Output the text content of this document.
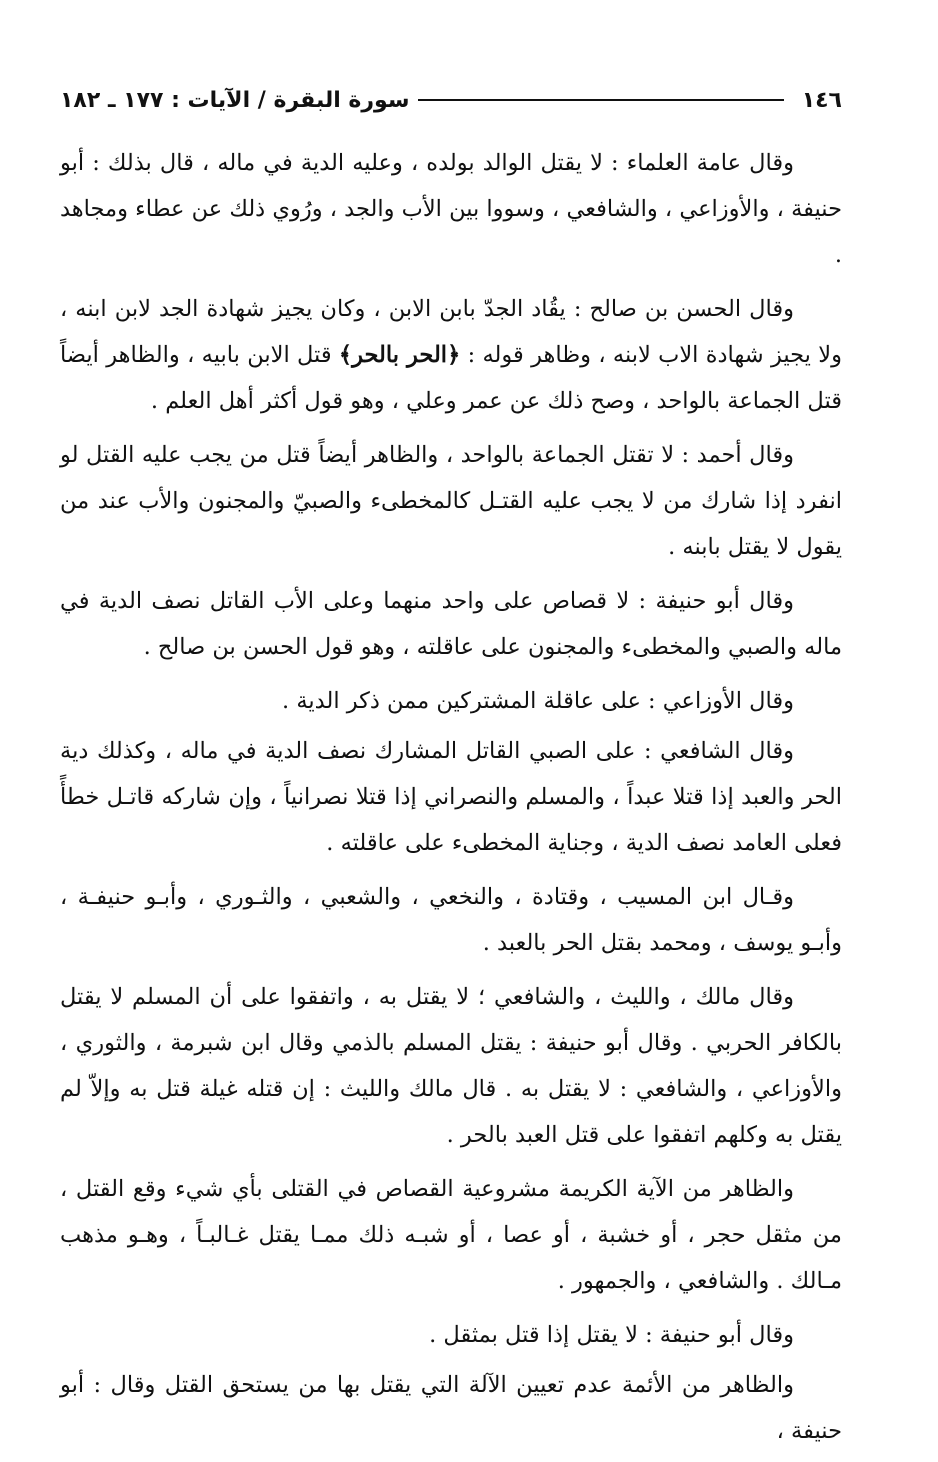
١٤٦
سورة البقرة / الآيات : ١٧٧ ـ ١٨٢

وقال عامة العلماء : لا يقتل الوالد بولده ، وعليه الدية في ماله ، قال بذلك : أبو حنيفة ، والأوزاعي ، والشافعي ، وسووا بين الأب والجد ، ورُوي ذلك عن عطاء ومجاهد .

وقال الحسن بن صالح : يقُاد الجدّ بابن الابن ، وكان يجيز شهادة الجد لابن ابنه ، ولا يجيز شهادة الاب لابنه ، وظاهر قوله : ﴿الحر بالحر﴾ قتل الابن بابيه ، والظاهر أيضاً قتل الجماعة بالواحد ، وصح ذلك عن عمر وعلي ، وهو قول أكثر أهل العلم .

وقال أحمد : لا تقتل الجماعة بالواحد ، والظاهر أيضاً قتل من يجب عليه القتل لو انفرد إذا شارك من لا يجب عليه القتـل كالمخطىء والصبيّ والمجنون والأب عند من يقول لا يقتل بابنه .

وقال أبو حنيفة : لا قصاص على واحد منهما وعلى الأب القاتل نصف الدية في ماله والصبي والمخطىء والمجنون على عاقلته ، وهو قول الحسن بن صالح .

وقال الأوزاعي : على عاقلة المشتركين ممن ذكر الدية .

وقال الشافعي : على الصبي القاتل المشارك نصف الدية في ماله ، وكذلك دية الحر والعبد إذا قتلا عبداً ، والمسلم والنصراني إذا قتلا نصرانياً ، وإن شاركه قاتـل خطأً فعلى العامد نصف الدية ، وجناية المخطىء على عاقلته .

وقـال ابن المسيب ، وقتادة ، والنخعي ، والشعبي ، والثـوري ، وأبـو حنيفـة ، وأبـو يوسف ، ومحمد بقتل الحر بالعبد .

وقال مالك ، والليث ، والشافعي ؛ لا يقتل به ، واتفقوا على أن المسلم لا يقتل بالكافر الحربي . وقال أبو حنيفة : يقتل المسلم بالذمي وقال ابن شبرمة ، والثوري ، والأوزاعي ، والشافعي : لا يقتل به . قال مالك والليث : إن قتله غيلة قتل به وإلاّ لم يقتل به وكلهم اتفقوا على قتل العبد بالحر .

والظاهر من الآية الكريمة مشروعية القصاص في القتلى بأي شيء وقع القتل ، من مثقل حجر ، أو خشبة ، أو عصا ، أو شبـه ذلك ممـا يقتل غـالبـاً ، وهـو مذهب مـالك . والشافعي ، والجمهور .

وقال أبو حنيفة : لا يقتل إذا قتل بمثقل .

والظاهر من الأئمة عدم تعيين الآلة التي يقتل بها من يستحق القتل وقال : أبو حنيفة ،
